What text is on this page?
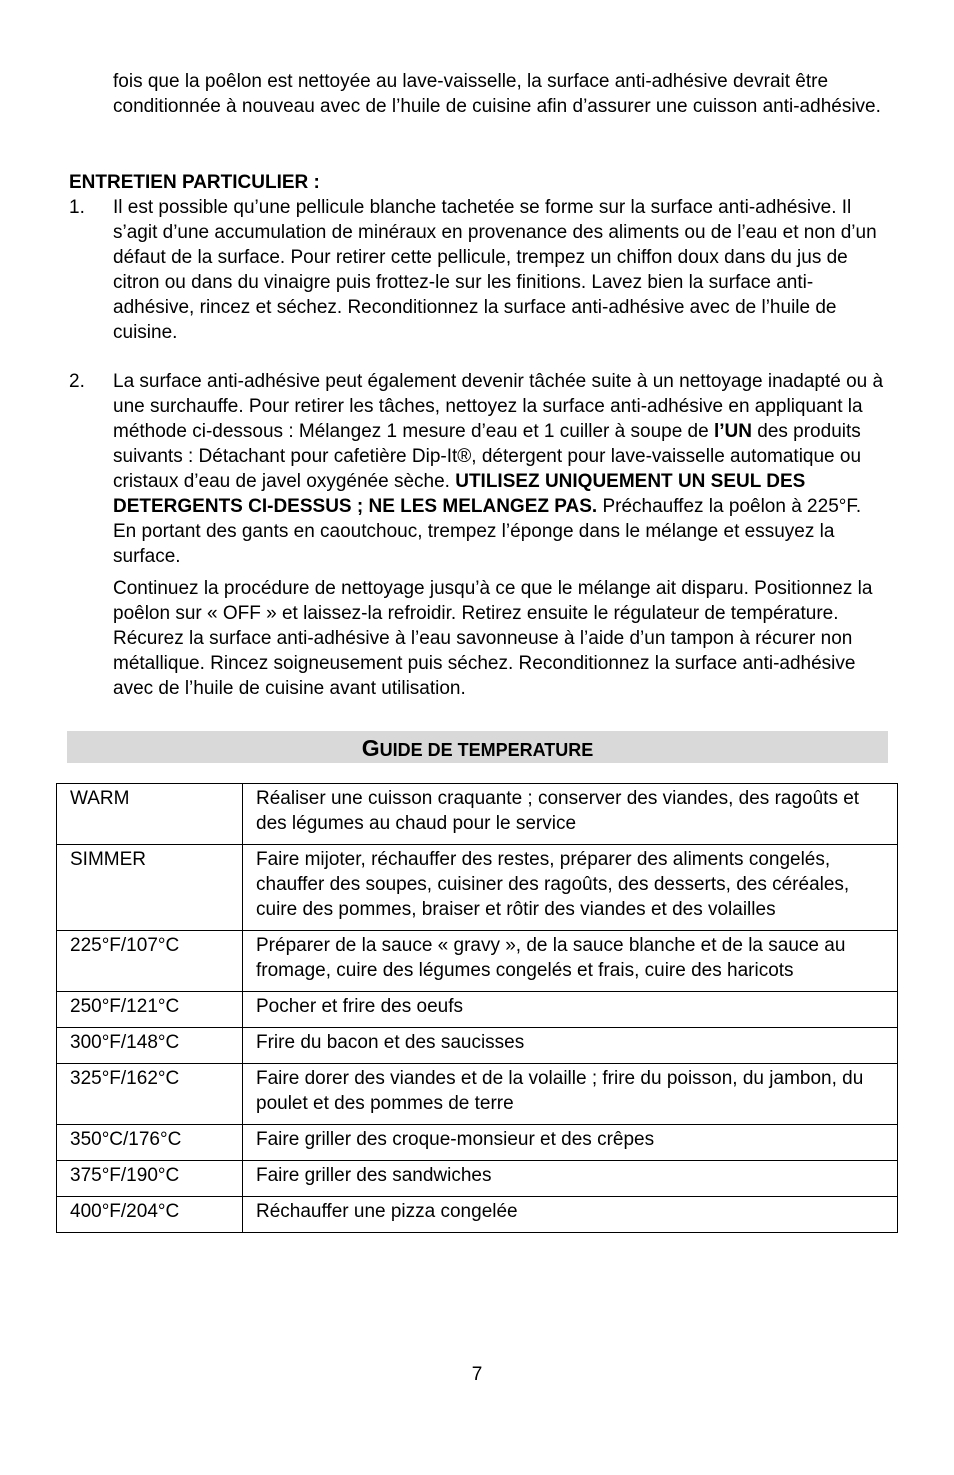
fois que la poêlon est nettoyée au lave-vaisselle, la surface anti-adhésive devrait être conditionnée à nouveau avec de l’huile de cuisine afin d’assurer une cuisson anti-adhésive.

ENTRETIEN PARTICULIER :

1. Il est possible qu’une pellicule blanche tachetée se forme sur la surface anti-adhésive. Il s’agit d’une accumulation de minéraux en provenance des aliments ou de l’eau et non d’un défaut de la surface. Pour retirer cette pellicule, trempez un chiffon doux dans du jus de citron ou dans du vinaigre puis frottez-le sur les finitions. Lavez bien la surface anti-adhésive, rincez et séchez. Reconditionnez la surface anti-adhésive avec de l’huile de cuisine.

2. La surface anti-adhésive peut également devenir tâchée suite à un nettoyage inadapté ou à une surchauffe. Pour retirer les tâches, nettoyez la surface anti-adhésive en appliquant la méthode ci-dessous : Mélangez 1 mesure d’eau et 1 cuiller à soupe de l’UN des produits suivants : Détachant pour cafetière Dip-It®, détergent pour lave-vaisselle automatique ou cristaux d’eau de javel oxygénée sèche. UTILISEZ UNIQUEMENT UN SEUL DES DETERGENTS CI-DESSUS ; NE LES MELANGEZ PAS. Préchauffez la poêlon à 225°F. En portant des gants en caoutchouc, trempez l’éponge dans le mélange et essuyez la surface.

Continuez la procédure de nettoyage jusqu’à ce que le mélange ait disparu. Positionnez la poêlon sur « OFF » et laissez-la refroidir. Retirez ensuite le régulateur de température. Récurez la surface anti-adhésive à l’eau savonneuse à l’aide d’un tampon à récurer non métallique. Rincez soigneusement puis séchez. Reconditionnez la surface anti-adhésive avec de l’huile de cuisine avant utilisation.

GUIDE DE TEMPERATURE
WARM	Réaliser une cuisson craquante ; conserver des viandes, des ragoûts et des légumes au chaud pour le service
SIMMER	Faire mijoter, réchauffer des restes, préparer des aliments congelés, chauffer des soupes, cuisiner des ragoûts, des desserts, des céréales, cuire des pommes, braiser et rôtir des viandes et des volailles
225°F/107°C	Préparer de la sauce « gravy », de la sauce blanche et de la sauce au fromage, cuire des légumes congelés et frais, cuire des haricots
250°F/121°C	Pocher et frire des oeufs
300°F/148°C	Frire du bacon et des saucisses
325°F/162°C	Faire dorer des viandes et de la volaille ; frire du poisson, du jambon, du poulet et des pommes de terre
350°C/176°C	Faire griller des croque-monsieur et des crêpes
375°F/190°C	Faire griller des sandwiches
400°F/204°C	Réchauffer une pizza congelée
7
